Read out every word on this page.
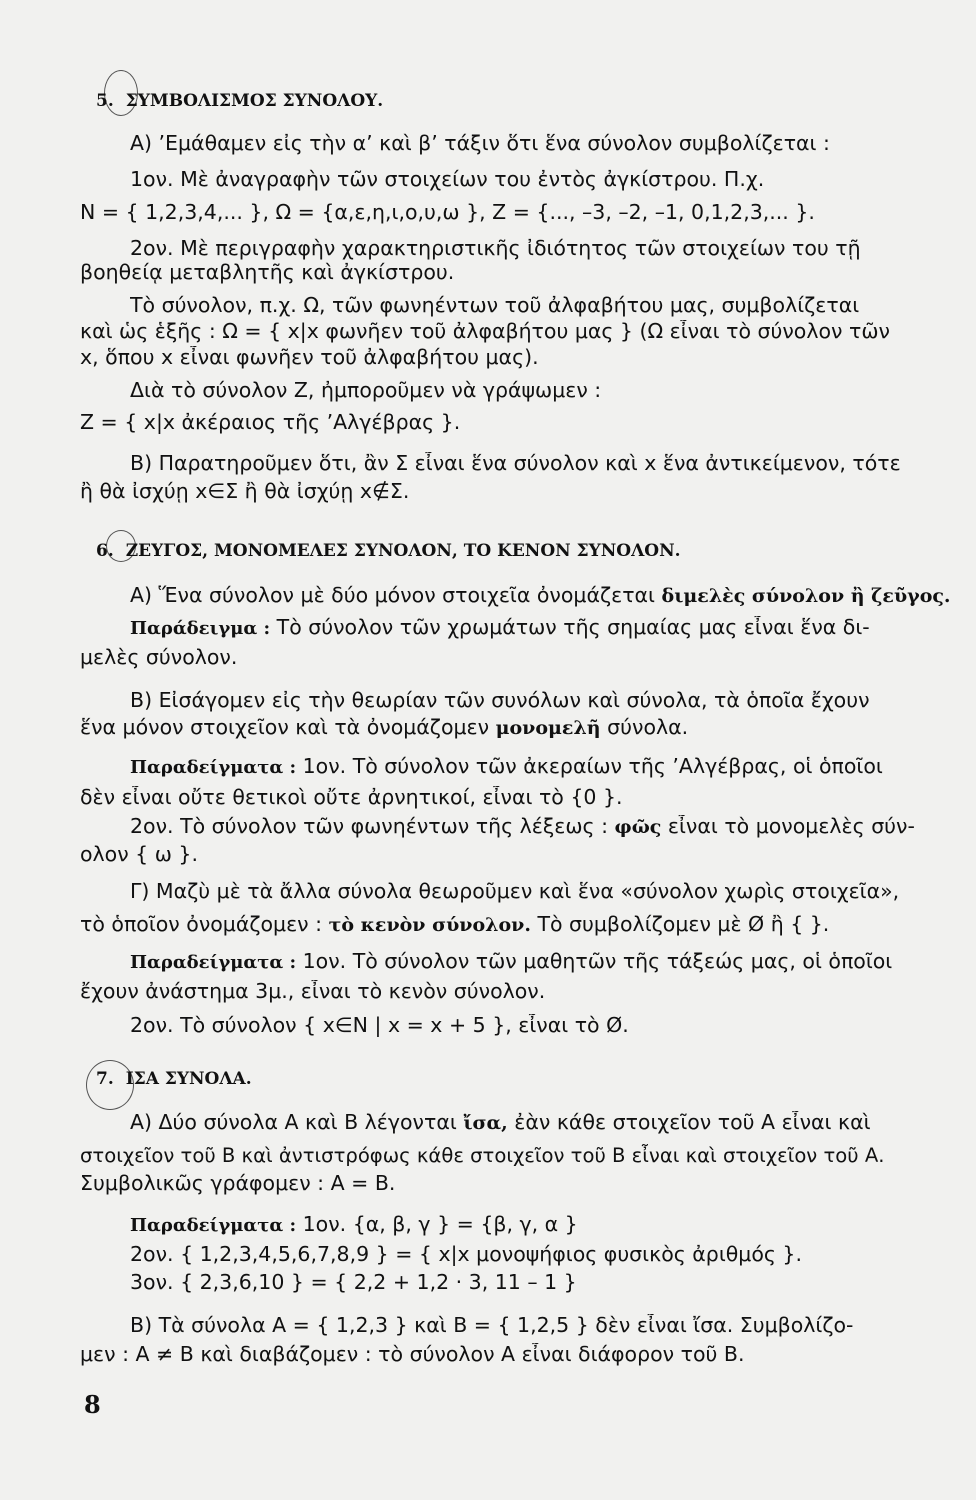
5. ΣΥΜΒΟΛΙΣΜΟΣ ΣΥΝΟΛΟΥ.
Α) ’Εμάθαμεν εἰς τὴν α’ καὶ β’ τάξιν ὅτι ἕνα σύνολον συμβολίζεται :
1ον. Μὲ ἀναγραφὴν τῶν στοιχείων του ἐντὸς ἀγκίστρου. Π.χ.
N = { 1,2,3,4,... }, Ω = {α,ε,η,ι,ο,υ,ω }, Z = {..., –3, –2, –1, 0,1,2,3,... }.
2ον. Μὲ περιγραφὴν χαρακτηριστικῆς ἰδιότητος τῶν στοιχείων του τῇ
βοηθείᾳ μεταβλητῆς καὶ ἀγκίστρου.
Τὸ σύνολον, π.χ. Ω, τῶν φωνηέντων τοῦ ἀλφαβήτου μας, συμβολίζεται
καὶ ὡς ἑξῆς : Ω = { x|x φωνῆεν τοῦ ἀλφαβήτου μας } (Ω εἶναι τὸ σύνολον τῶν
x, ὅπου x εἶναι φωνῆεν τοῦ ἀλφαβήτου μας).
Διὰ τὸ σύνολον Ζ, ἠμποροῦμεν νὰ γράψωμεν :
Z = { x|x ἀκέραιος τῆς ’Αλγέβρας }.
Β) Παρατηροῦμεν ὅτι, ἂν Σ εἶναι ἕνα σύνολον καὶ x ἕνα ἀντικείμενον, τότε
ἢ θὰ ἰσχύῃ x∈Σ ἢ θὰ ἰσχύῃ x∉Σ.
6. ΖΕΥΓΟΣ, ΜΟΝΟΜΕΛΕΣ ΣΥΝΟΛΟΝ, ΤΟ ΚΕΝΟΝ ΣΥΝΟΛΟΝ.
Α) Ἕνα σύνολον μὲ δύο μόνον στοιχεῖα ὀνομάζεται διμελὲς σύνολον ἢ ζεῦγος.
Παράδειγμα : Τὸ σύνολον τῶν χρωμάτων τῆς σημαίας μας εἶναι ἕνα δι-
μελὲς σύνολον.
Β) Εἰσάγομεν εἰς τὴν θεωρίαν τῶν συνόλων καὶ σύνολα, τὰ ὁποῖα ἔχουν
ἕνα μόνον στοιχεῖον καὶ τὰ ὀνομάζομεν μονομελῆ σύνολα.
Παραδείγματα : 1ον. Τὸ σύνολον τῶν ἀκεραίων τῆς ’Αλγέβρας, οἱ ὁποῖοι
δὲν εἶναι οὔτε θετικοὶ οὔτε ἀρνητικοί, εἶναι τὸ {0 }.
2ον. Τὸ σύνολον τῶν φωνηέντων τῆς λέξεως : φῶς εἶναι τὸ μονομελὲς σύν-
ολον { ω }.
Γ) Μαζὺ μὲ τὰ ἄλλα σύνολα θεωροῦμεν καὶ ἕνα «σύνολον χωρὶς στοιχεῖα»,
τὸ ὁποῖον ὀνομάζομεν : τὸ κενὸν σύνολον. Τὸ συμβολίζομεν μὲ Ø ἢ { }.
Παραδείγματα : 1ον. Τὸ σύνολον τῶν μαθητῶν τῆς τάξεώς μας, οἱ ὁποῖοι
ἔχουν ἀνάστημα 3μ., εἶναι τὸ κενὸν σύνολον.
2ον. Τὸ σύνολον { x∈N | x = x + 5 }, εἶναι τὸ Ø.
7. ΙΣΑ ΣΥΝΟΛΑ.
Α) Δύο σύνολα Α καὶ Β λέγονται ἴσα, ἐὰν κάθε στοιχεῖον τοῦ Α εἶναι καὶ
στοιχεῖον τοῦ Β καὶ ἀντιστρόφως κάθε στοιχεῖον τοῦ Β εἶναι καὶ στοιχεῖον τοῦ Α.
Συμβολικῶς γράφομεν : Α = Β.
Παραδείγματα : 1ον. {α, β, γ } = {β, γ, α }
2ον. { 1,2,3,4,5,6,7,8,9 } = { x|x μονοψήφιος φυσικὸς ἀριθμός }.
3ον. { 2,3,6,10 } = { 2,2 + 1,2 · 3, 11 – 1 }
Β) Τὰ σύνολα Α = { 1,2,3 } καὶ Β = { 1,2,5 } δὲν εἶναι ἴσα. Συμβολίζο-
μεν : Α ≠ Β καὶ διαβάζομεν : τὸ σύνολον Α εἶναι διάφορον τοῦ Β.
8
